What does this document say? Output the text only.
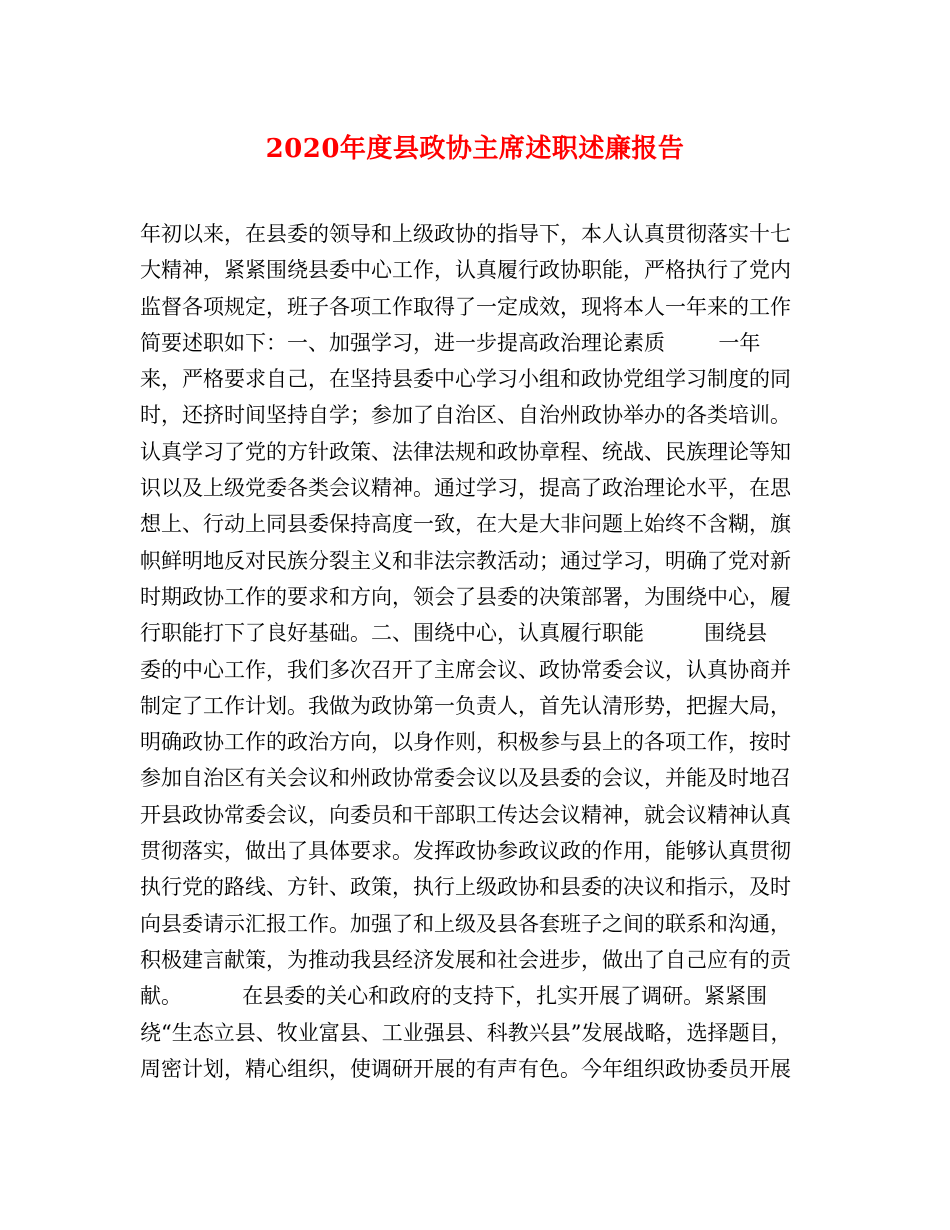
2020年度县政协主席述职述廉报告
年初以来，在县委的领导和上级政协的指导下，本人认真贯彻落实十七
大精神，紧紧围绕县委中心工作，认真履行政协职能，严格执行了党内
监督各项规定，班子各项工作取得了一定成效，现将本人一年来的工作
简要述职如下：一、加强学习，进一步提高政治理论素质        一年
来，严格要求自己，在坚持县委中心学习小组和政协党组学习制度的同
时，还挤时间坚持自学；参加了自治区、自治州政协举办的各类培训。
认真学习了党的方针政策、法律法规和政协章程、统战、民族理论等知
识以及上级党委各类会议精神。通过学习，提高了政治理论水平，在思
想上、行动上同县委保持高度一致，在大是大非问题上始终不含糊，旗
帜鲜明地反对民族分裂主义和非法宗教活动；通过学习，明确了党对新
时期政协工作的要求和方向，领会了县委的决策部署，为围绕中心，履
行职能打下了良好基础。二、围绕中心，认真履行职能         围绕县
委的中心工作，我们多次召开了主席会议、政协常委会议，认真协商并
制定了工作计划。我做为政协第一负责人，首先认清形势，把握大局，
明确政协工作的政治方向，以身作则，积极参与县上的各项工作，按时
参加自治区有关会议和州政协常委会议以及县委的会议，并能及时地召
开县政协常委会议，向委员和干部职工传达会议精神，就会议精神认真
贯彻落实，做出了具体要求。发挥政协参政议政的作用，能够认真贯彻
执行党的路线、方针、政策，执行上级政协和县委的决议和指示，及时
向县委请示汇报工作。加强了和上级及县各套班子之间的联系和沟通，
积极建言献策，为推动我县经济发展和社会进步，做出了自己应有的贡
献。         在县委的关心和政府的支持下，扎实开展了调研。紧紧围
绕“生态立县、牧业富县、工业强县、科教兴县”发展战略，选择题目，
周密计划，精心组织，使调研开展的有声有色。今年组织政协委员开展
